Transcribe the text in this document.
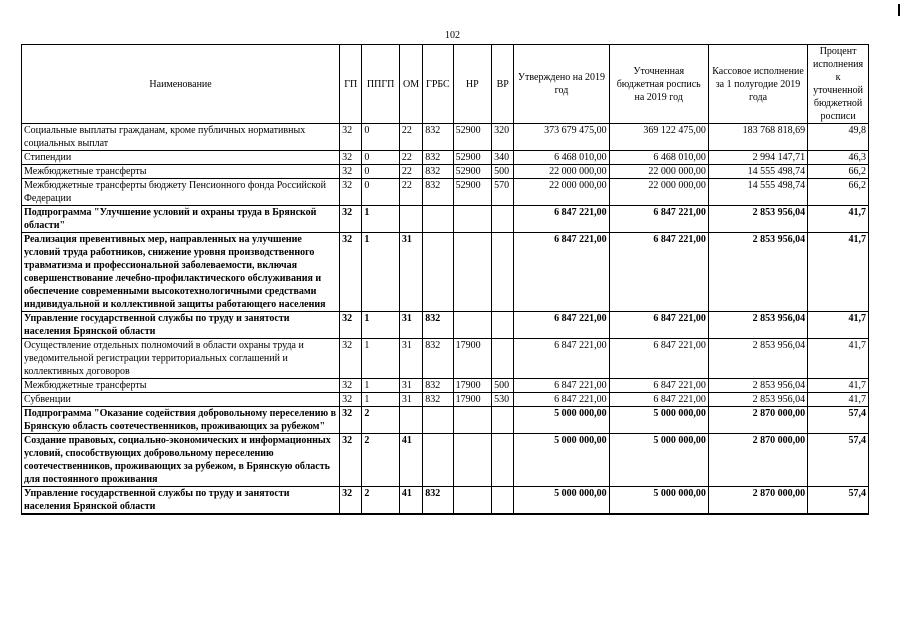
102
Наименование	ГП	ППГП	ОМ	ГРБС	НР	ВР	Утверждено на 2019 год	Уточненная бюджетная роспись на 2019 год	Кассовое исполнение за 1 полугодие 2019 года	Процент исполнения к уточненной бюджетной росписи
Социальные выплаты гражданам, кроме публичных нормативных социальных выплат	32	0	22	832	52900	320	373 679 475,00	369 122 475,00	183 768 818,69	49,8
Стипендии	32	0	22	832	52900	340	6 468 010,00	6 468 010,00	2 994 147,71	46,3
Межбюджетные трансферты	32	0	22	832	52900	500	22 000 000,00	22 000 000,00	14 555 498,74	66,2
Межбюджетные трансферты бюджету Пенсионного фонда Российской Федерации	32	0	22	832	52900	570	22 000 000,00	22 000 000,00	14 555 498,74	66,2
Подпрограмма "Улучшение условий и охраны труда в Брянской области"	32	1					6 847 221,00	6 847 221,00	2 853 956,04	41,7
Реализация превентивных мер, направленных на улучшение условий труда работников, снижение уровня производственного травматизма и профессиональной заболеваемости, включая совершенствование лечебно-профилактического обслуживания и обеспечение современными высокотехнологичными средствами индивидуальной и коллективной защиты работающего населения	32	1	31				6 847 221,00	6 847 221,00	2 853 956,04	41,7
Управление государственной службы по труду и занятости населения Брянской области	32	1	31	832			6 847 221,00	6 847 221,00	2 853 956,04	41,7
Осуществление отдельных полномочий в области охраны труда и уведомительной регистрации территориальных соглашений и коллективных договоров	32	1	31	832	17900		6 847 221,00	6 847 221,00	2 853 956,04	41,7
Межбюджетные трансферты	32	1	31	832	17900	500	6 847 221,00	6 847 221,00	2 853 956,04	41,7
Субвенции	32	1	31	832	17900	530	6 847 221,00	6 847 221,00	2 853 956,04	41,7
Подпрограмма "Оказание содействия добровольному переселению в Брянскую область соотечественников, проживающих за рубежом"	32	2					5 000 000,00	5 000 000,00	2 870 000,00	57,4
Создание правовых, социально-экономических и информационных условий, способствующих добровольному переселению соотечественников, проживающих за рубежом, в Брянскую область для постоянного проживания	32	2	41				5 000 000,00	5 000 000,00	2 870 000,00	57,4
Управление государственной службы по труду и занятости населения Брянской области	32	2	41	832			5 000 000,00	5 000 000,00	2 870 000,00	57,4
